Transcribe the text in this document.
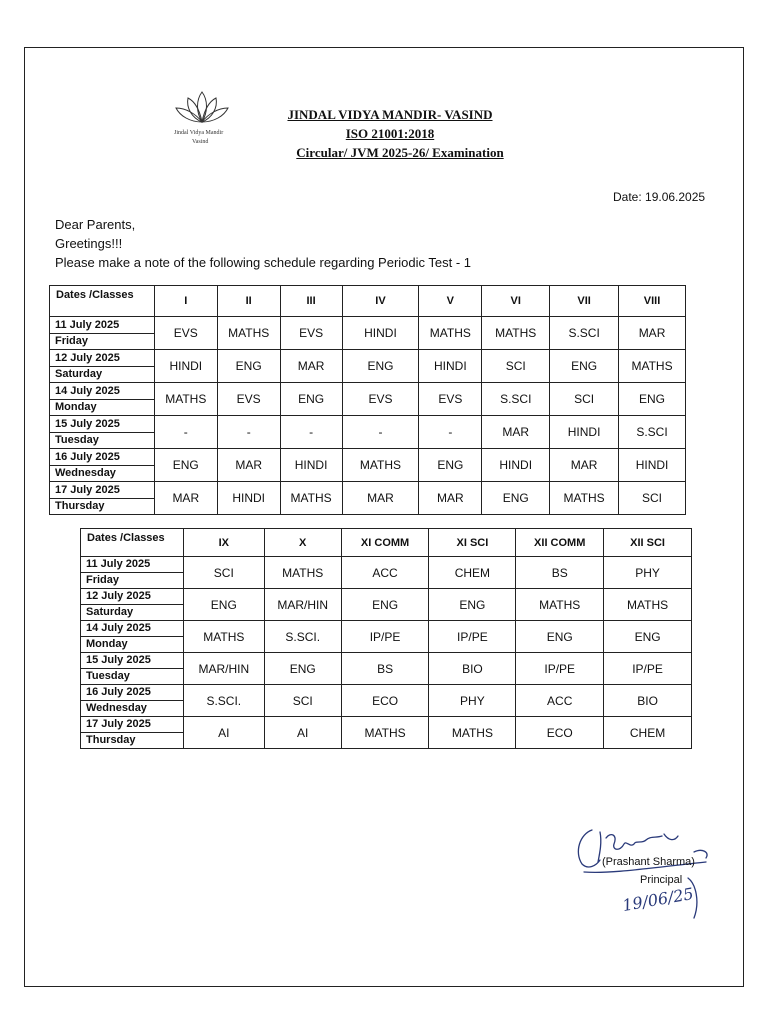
Jindal Vidya Mandir
Vasind
JINDAL VIDYA MANDIR- VASIND
ISO 21001:2018
Circular/ JVM 2025-26/ Examination
Date: 19.06.2025
Dear Parents,
Greetings!!!
Please make a note of the following schedule regarding Periodic Test - 1
Dates /Classes	I	II	III	IV	V	VI	VII	VIII

11 July 2025
Friday	EVS	MATHS	EVS	HINDI	MATHS	MATHS	S.SCI	MAR

12 July 2025
Saturday	HINDI	ENG	MAR	ENG	HINDI	SCI	ENG	MATHS

14 July 2025
Monday	MATHS	EVS	ENG	EVS	EVS	S.SCI	SCI	ENG

15 July 2025
Tuesday	-	-	-	-	-	MAR	HINDI	S.SCI

16 July 2025
Wednesday	ENG	MAR	HINDI	MATHS	ENG	HINDI	MAR	HINDI

17 July 2025
Thursday	MAR	HINDI	MATHS	MAR	MAR	ENG	MATHS	SCI
Dates /Classes	IX	X	XI COMM	XI SCI	XII COMM	XII SCI

11 July 2025
Friday	SCI	MATHS	ACC	CHEM	BS	PHY

12 July 2025
Saturday	ENG	MAR/HIN	ENG	ENG	MATHS	MATHS

14 July 2025
Monday	MATHS	S.SCI.	IP/PE	IP/PE	ENG	ENG

15 July 2025
Tuesday	MAR/HIN	ENG	BS	BIO	IP/PE	IP/PE

16 July 2025
Wednesday	S.SCI.	SCI	ECO	PHY	ACC	BIO

17 July 2025
Thursday	AI	AI	MATHS	MATHS	ECO	CHEM
(Prashant Sharma)
Principal
19/06/25
